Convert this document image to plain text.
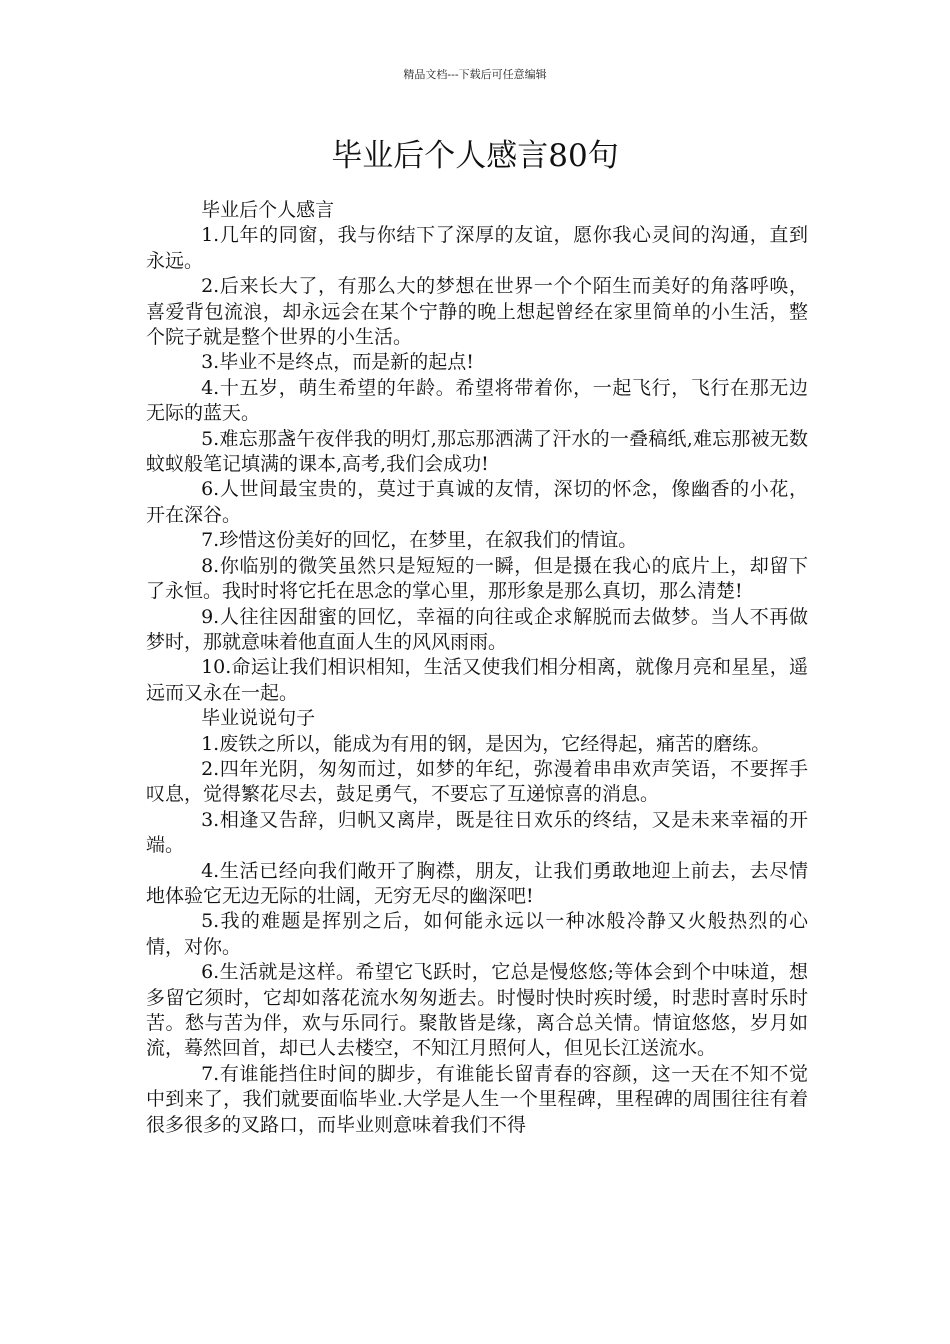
精品文档---下载后可任意编辑
毕业后个人感言80句

毕业后个人感言

1.几年的同窗，我与你结下了深厚的友谊，愿你我心灵间的沟通，直到永远。

2.后来长大了，有那么大的梦想在世界一个个陌生而美好的角落呼唤，喜爱背包流浪，却永远会在某个宁静的晚上想起曾经在家里简单的小生活，整个院子就是整个世界的小生活。

3.毕业不是终点，而是新的起点!

4.十五岁，萌生希望的年龄。希望将带着你，一起飞行，飞行在那无边无际的蓝天。

5.难忘那盏午夜伴我的明灯,那忘那洒满了汗水的一叠稿纸,难忘那被无数蚊蚁般笔记填满的课本,高考,我们会成功!

6.人世间最宝贵的，莫过于真诚的友情，深切的怀念，像幽香的小花，开在深谷。

7.珍惜这份美好的回忆，在梦里，在叙我们的情谊。

8.你临别的微笑虽然只是短短的一瞬，但是摄在我心的底片上，却留下了永恒。我时时将它托在思念的掌心里，那形象是那么真切，那么清楚!

9.人往往因甜蜜的回忆，幸福的向往或企求解脱而去做梦。当人不再做梦时，那就意味着他直面人生的风风雨雨。

10.命运让我们相识相知，生活又使我们相分相离，就像月亮和星星，遥远而又永在一起。

毕业说说句子

1.废铁之所以，能成为有用的钢，是因为，它经得起，痛苦的磨练。

2.四年光阴，匆匆而过，如梦的年纪，弥漫着串串欢声笑语，不要挥手叹息，觉得繁花尽去，鼓足勇气，不要忘了互递惊喜的消息。

3.相逢又告辞，归帆又离岸，既是往日欢乐的终结，又是未来幸福的开端。

4.生活已经向我们敞开了胸襟，朋友，让我们勇敢地迎上前去，去尽情地体验它无边无际的壮阔，无穷无尽的幽深吧!

5.我的难题是挥别之后，如何能永远以一种冰般冷静又火般热烈的心情，对你。

6.生活就是这样。希望它飞跃时，它总是慢悠悠;等体会到个中味道，想多留它须时，它却如落花流水匆匆逝去。时慢时快时疾时缓，时悲时喜时乐时苦。愁与苦为伴，欢与乐同行。聚散皆是缘，离合总关情。情谊悠悠，岁月如流，蓦然回首，却已人去楼空，不知江月照何人，但见长江送流水。

7.有谁能挡住时间的脚步，有谁能长留青春的容颜，这一天在不知不觉中到来了，我们就要面临毕业.大学是人生一个里程碑，里程碑的周围往往有着很多很多的叉路口，而毕业则意味着我们不得
